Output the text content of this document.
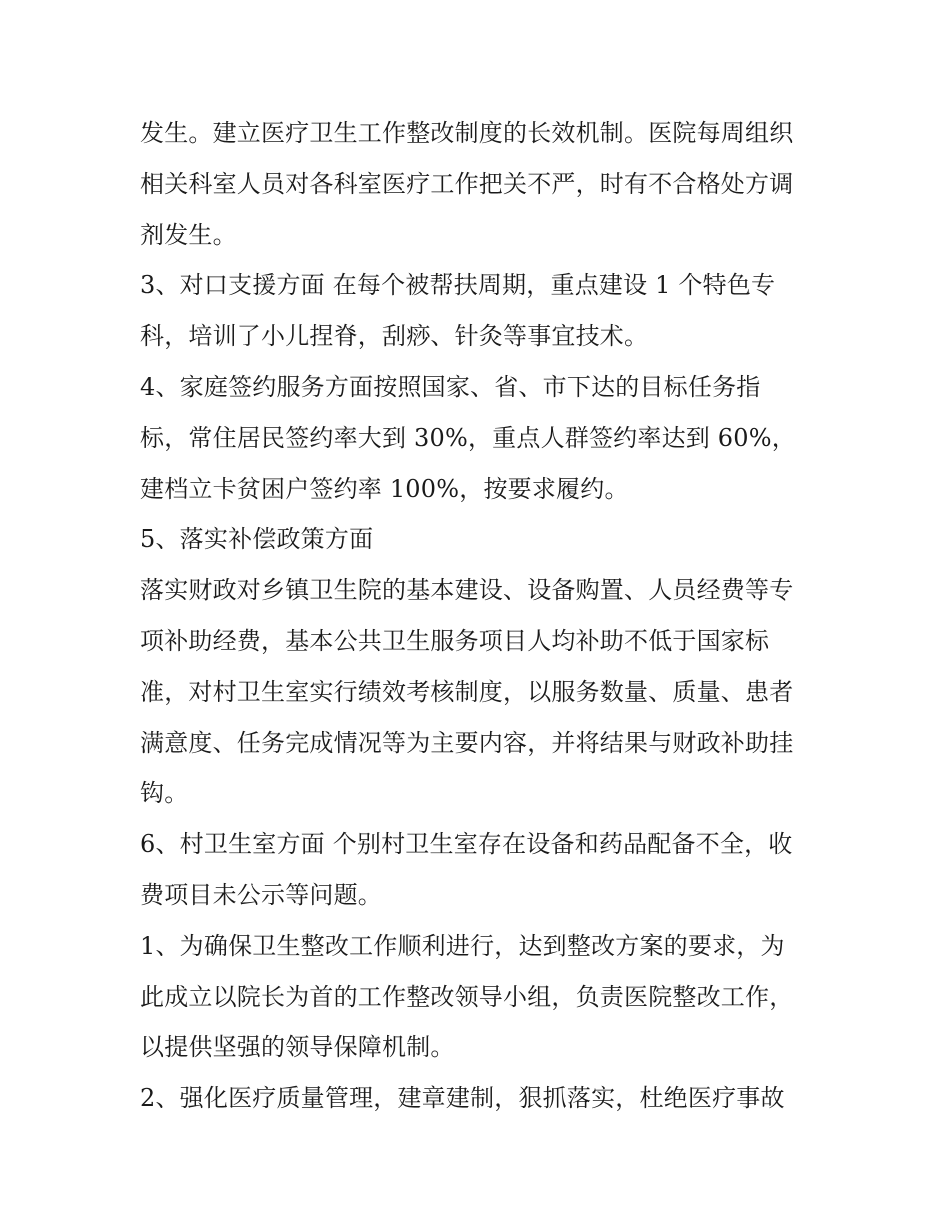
发生。建立医疗卫生工作整改制度的长效机制。医院每周组织
相关科室人员对各科室医疗工作把关不严，时有不合格处方调
剂发生。
3、对口支援方面 在每个被帮扶周期，重点建设 1 个特色专
科，培训了小儿捏脊，刮痧、针灸等事宜技术。
4、家庭签约服务方面按照国家、省、市下达的目标任务指
标，常住居民签约率大到 30%，重点人群签约率达到 60%，
建档立卡贫困户签约率 100%，按要求履约。
5、落实补偿政策方面
落实财政对乡镇卫生院的基本建设、设备购置、人员经费等专
项补助经费，基本公共卫生服务项目人均补助不低于国家标
准，对村卫生室实行绩效考核制度，以服务数量、质量、患者
满意度、任务完成情况等为主要内容，并将结果与财政补助挂
钩。
6、村卫生室方面 个别村卫生室存在设备和药品配备不全，收
费项目未公示等问题。
1、为确保卫生整改工作顺利进行，达到整改方案的要求，为
此成立以院长为首的工作整改领导小组，负责医院整改工作，
以提供坚强的领导保障机制。
2、强化医疗质量管理，建章建制，狠抓落实，杜绝医疗事故
